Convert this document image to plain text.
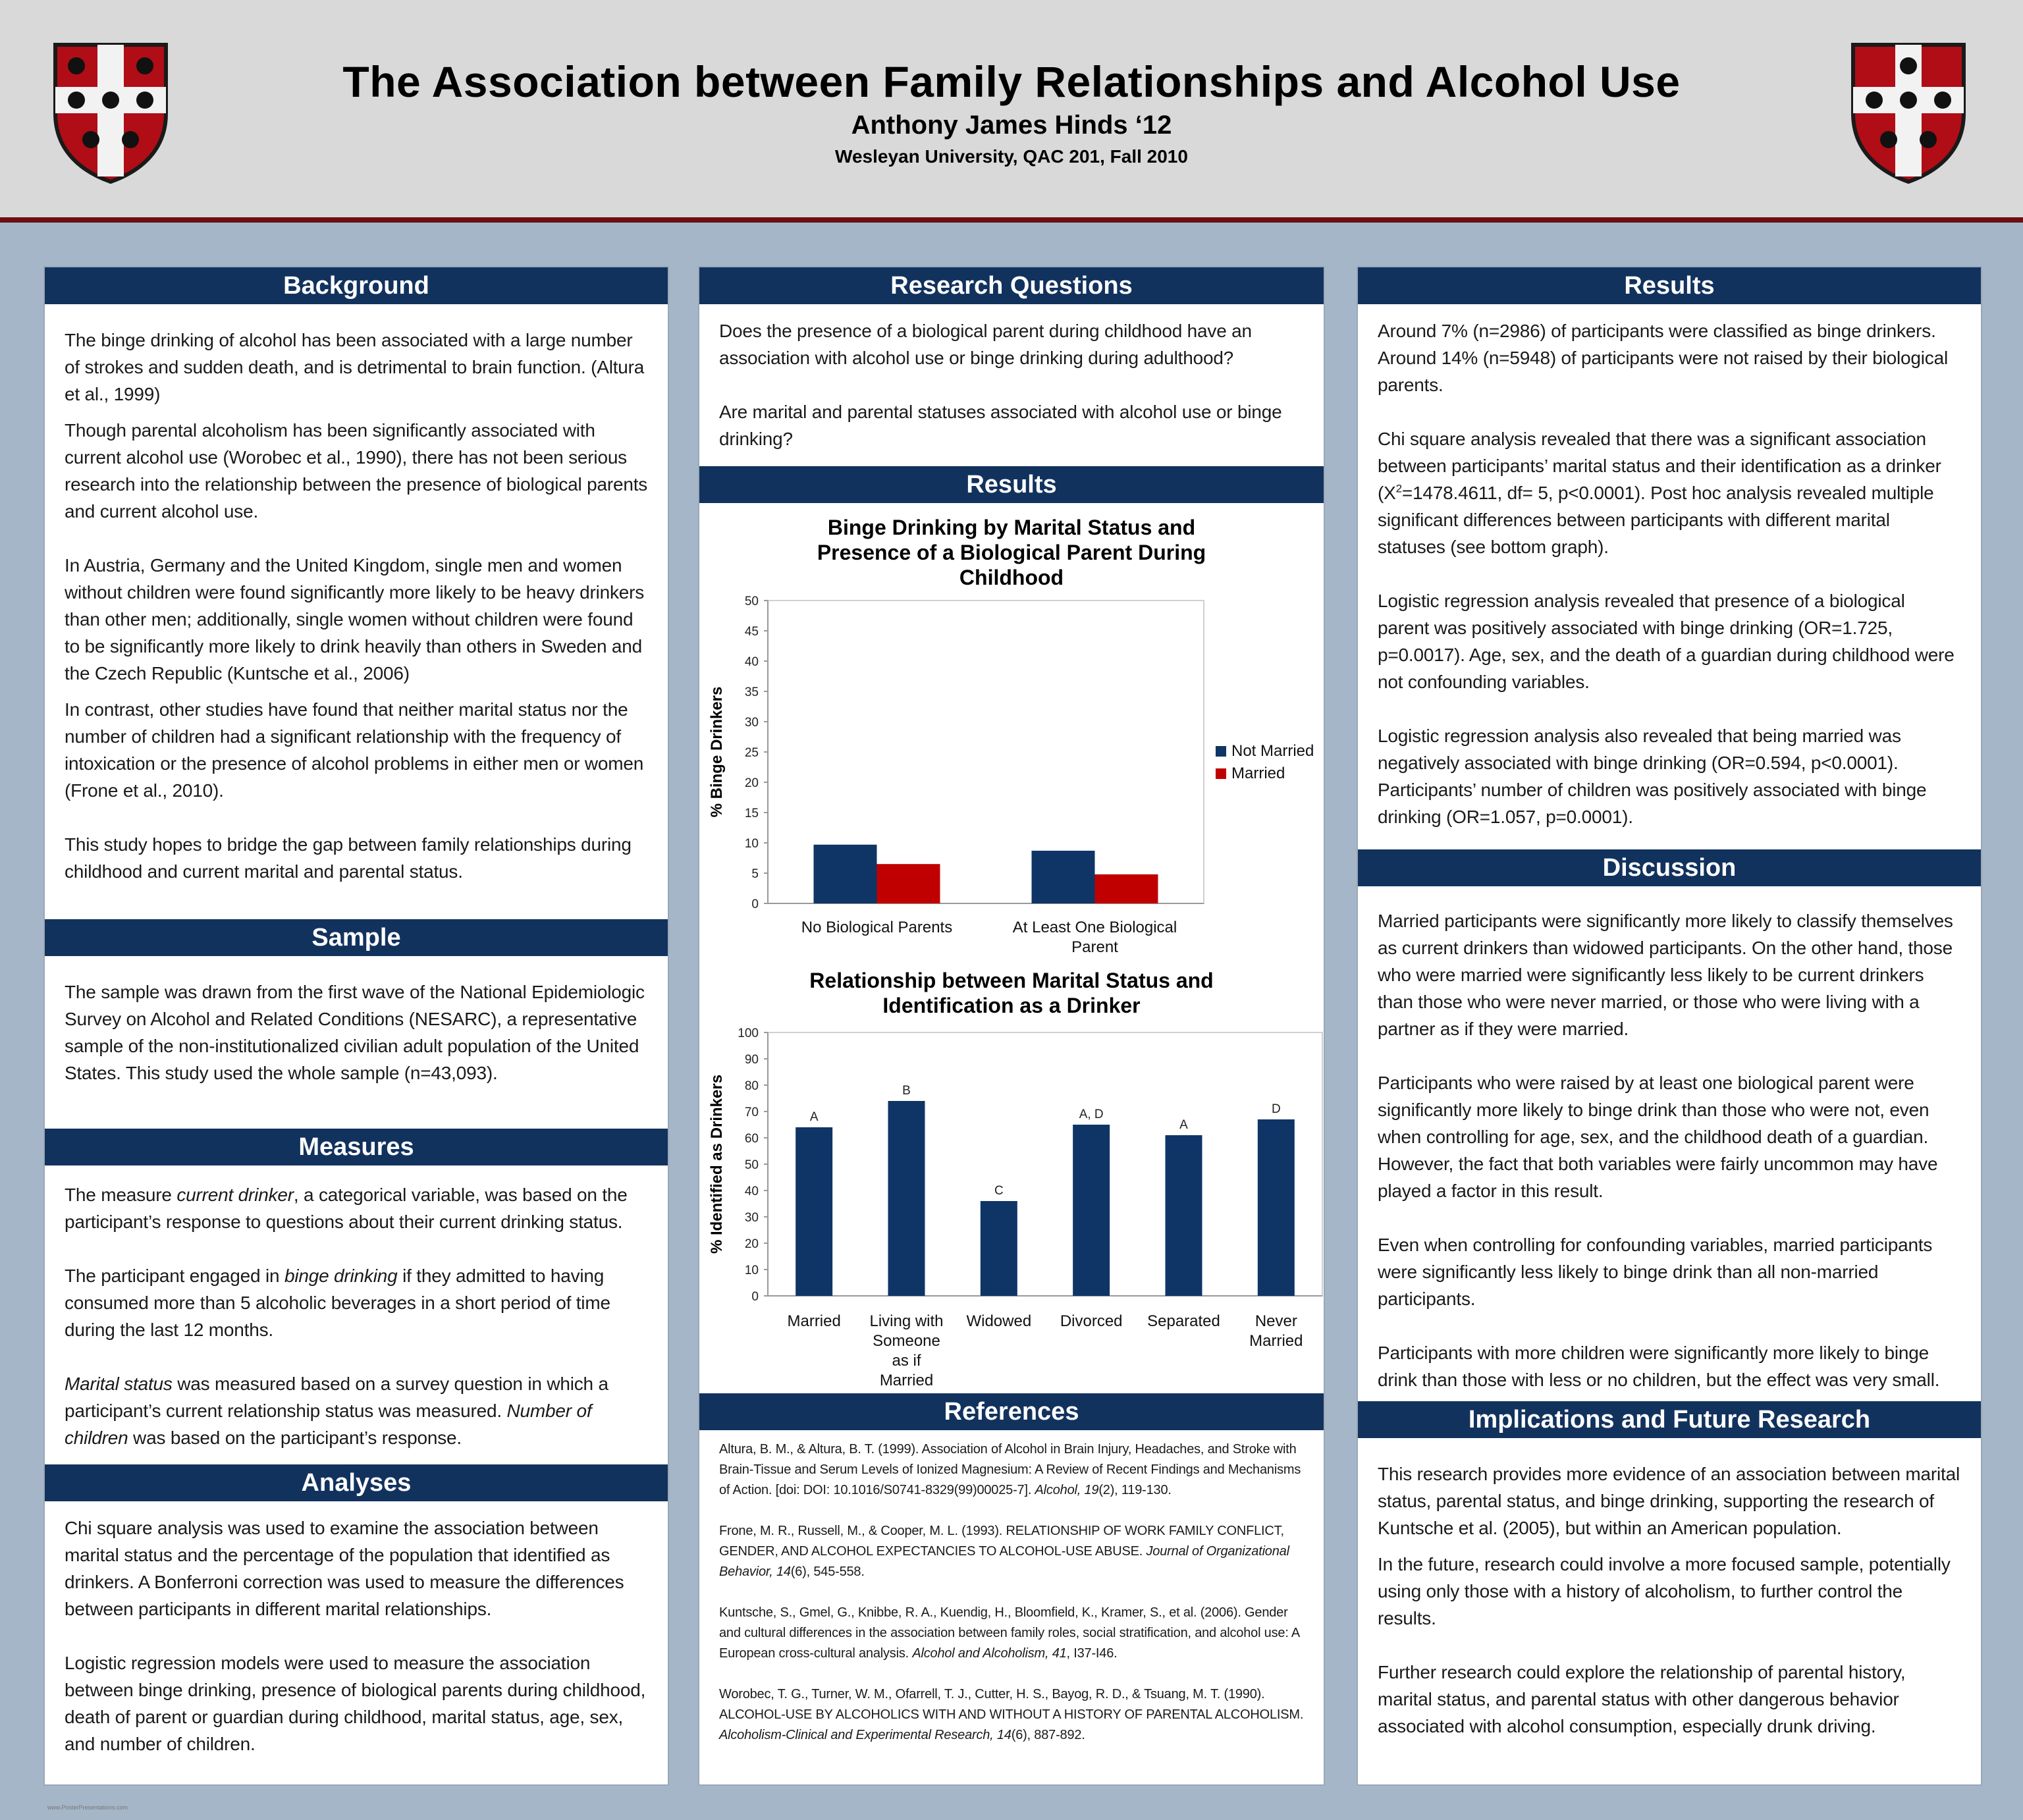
The Association between Family Relationships and Alcohol Use
Anthony James Hinds ‘12
Wesleyan University, QAC 201, Fall 2010
Background

The binge drinking of alcohol has been associated with a large number of strokes and sudden death, and is detrimental to brain function. (Altura et al., 1999)

Though parental alcoholism has been significantly associated with current alcohol use (Worobec et al., 1990), there has not been serious research into the relationship between the presence of biological parents and current alcohol use.

In Austria, Germany and the United Kingdom, single men and women without children were found significantly more likely to be heavy drinkers than other men; additionally, single women without children were found to be significantly more likely to drink heavily than others in Sweden and the Czech Republic (Kuntsche et al., 2006)

In contrast, other studies have found that neither marital status nor the number of children had a significant relationship with the frequency of intoxication or the presence of alcohol problems in either men or women (Frone et al., 2010).

This study hopes to bridge the gap between family relationships during childhood and current marital and parental status.

Sample

The sample was drawn from the first wave of the National Epidemiologic Survey on Alcohol and Related Conditions (NESARC), a representative sample of the non-institutionalized civilian adult population of the United States. This study used the whole sample (n=43,093).

Measures

The measure current drinker, a categorical variable, was based on the participant’s response to questions about their current drinking status.

The participant engaged in binge drinking if they admitted to having consumed more than 5 alcoholic beverages in a short period of time during the last 12 months.

Marital status was measured based on a survey question in which a participant’s current relationship status was measured. Number of children was based on the participant’s response.

Analyses

Chi square analysis was used to examine the association between marital status and the percentage of the population that identified as drinkers. A Bonferroni correction was used to measure the differences between participants in different marital relationships.

Logistic regression models were used to measure the association between binge drinking, presence of biological parents during childhood, death of parent or guardian during childhood, marital status, age, sex, and number of children.

Research Questions

Does the presence of a biological parent during childhood have an association with alcohol use or binge drinking during adulthood?

Are marital and parental statuses associated with alcohol use or binge drinking?

Results
Binge Drinking by Marital Status and
Presence of a Biological Parent During
Childhood
0
5
10
15
20
25
30
35
40
45
50
% Binge Drinkers
No Biological Parents	At Least One Biological
Parent
Not Married
Married
Relationship between Marital Status and
Identification as a Drinker
0
10
20
30
40
50
60
70
80
90
100
% Identified as Drinkers	A
Married
B
Living with
Someone
as if
Married
C
Widowed
A, D
Divorced
A
Separated
D
Never
Married
References

Altura, B. M., & Altura, B. T. (1999). Association of Alcohol in Brain Injury, Headaches, and Stroke with Brain-Tissue and Serum Levels of Ionized Magnesium: A Review of Recent Findings and Mechanisms of Action. [doi: DOI: 10.1016/S0741-8329(99)00025-7]. Alcohol, 19(2), 119-130.

Frone, M. R., Russell, M., & Cooper, M. L. (1993). RELATIONSHIP OF WORK FAMILY CONFLICT, GENDER, AND ALCOHOL EXPECTANCIES TO ALCOHOL-USE ABUSE. Journal of Organizational Behavior, 14(6), 545-558.

Kuntsche, S., Gmel, G., Knibbe, R. A., Kuendig, H., Bloomfield, K., Kramer, S., et al. (2006). Gender and cultural differences in the association between family roles, social stratification, and alcohol use: A European cross-cultural analysis. Alcohol and Alcoholism, 41, I37-I46.

Worobec, T. G., Turner, W. M., Ofarrell, T. J., Cutter, H. S., Bayog, R. D., & Tsuang, M. T. (1990). ALCOHOL-USE BY ALCOHOLICS WITH AND WITHOUT A HISTORY OF PARENTAL ALCOHOLISM. Alcoholism-Clinical and Experimental Research, 14(6), 887-892.

Results

Around 7% (n=2986) of participants were classified as binge drinkers. Around 14% (n=5948) of participants were not raised by their biological parents.

Chi square analysis revealed that there was a significant association between participants’ marital status and their identification as a drinker ($X^2=1478.4611$, df= 5, p<0.0001). Post hoc analysis revealed multiple significant differences between participants with different marital statuses (see bottom graph).

Logistic regression analysis revealed that presence of a biological parent was positively associated with binge drinking (OR=1.725, p=0.0017). Age, sex, and the death of a guardian during childhood were not confounding variables.

Logistic regression analysis also revealed that being married was negatively associated with binge drinking (OR=0.594, p<0.0001). Participants’ number of children was positively associated with binge drinking (OR=1.057, p=0.0001).

Discussion

Married participants were significantly more likely to classify themselves as current drinkers than widowed participants. On the other hand, those who were married were significantly less likely to be current drinkers than those who were never married, or those who were living with a partner as if they were married.

Participants who were raised by at least one biological parent were significantly more likely to binge drink than those who were not, even when controlling for age, sex, and the childhood death of a guardian. However, the fact that both variables were fairly uncommon may have played a factor in this result.

Even when controlling for confounding variables, married participants were significantly less likely to binge drink than all non-married participants.

Participants with more children were significantly more likely to binge drink than those with less or no children, but the effect was very small.

Implications and Future Research

This research provides more evidence of an association between marital status, parental status, and binge drinking, supporting the research of Kuntsche et al. (2005), but within an American population.

In the future, research could involve a more focused sample, potentially using only those with a history of alcoholism, to further control the results.

Further research could explore the relationship of parental history, marital status, and parental status with other dangerous behavior associated with alcohol consumption, especially drunk driving.

www.PosterPresentations.com
